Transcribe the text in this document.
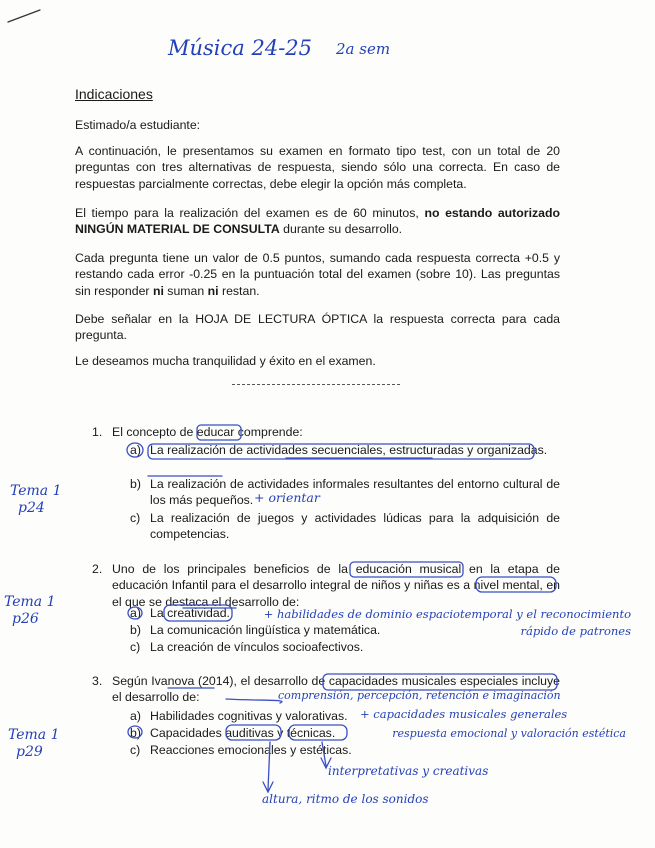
Música 24-25 2a sem
Indicaciones

Estimado/a estudiante:

A continuación, le presentamos su examen en formato tipo test, con un total de 20 preguntas con tres alternativas de respuesta, siendo sólo una correcta. En caso de respuestas parcialmente correctas, debe elegir la opción más completa.

El tiempo para la realización del examen es de 60 minutos, no estando autorizado NINGÚN MATERIAL DE CONSULTA durante su desarrollo.

Cada pregunta tiene un valor de 0.5 puntos, sumando cada respuesta correcta +0.5 y restando cada error -0.25 en la puntuación total del examen (sobre 10). Las preguntas sin responder ni suman ni restan.

Debe señalar en la HOJA DE LECTURA ÓPTICA la respuesta correcta para cada pregunta.

Le deseamos mucha tranquilidad y éxito en el examen.

1. El concepto de educar comprende:
a) La realización de actividades secuenciales, estructuradas y organizadas.
b) La realización de actividades informales resultantes del entorno cultural de los más pequeños.
c) La realización de juegos y actividades lúdicas para la adquisición de competencias.
2. Uno de los principales beneficios de la educación musical en la etapa de educación Infantil para el desarrollo integral de niños y niñas es a nivel mental, en el que se destaca el desarrollo de:
a) La creatividad.
b) La comunicación lingüística y matemática.
c) La creación de vínculos socioafectivos.
3. Según Ivanova (2014), el desarrollo de capacidades musicales especiales incluye el desarrollo de:
a) Habilidades cognitivas y valorativas.
b) Capacidades auditivas y técnicas.
c) Reacciones emocionales y estéticas.
Tema 1
p24
Tema 1
p26
Tema 1
p29
+ orientar
+ habilidades de dominio espaciotemporal y el reconocimiento rápido de patrones
comprensión, percepción, retención e imaginación
+ capacidades musicales generales
respuesta emocional y valoración estética
interpretativas y creativas
altura, ritmo de los sonidos
